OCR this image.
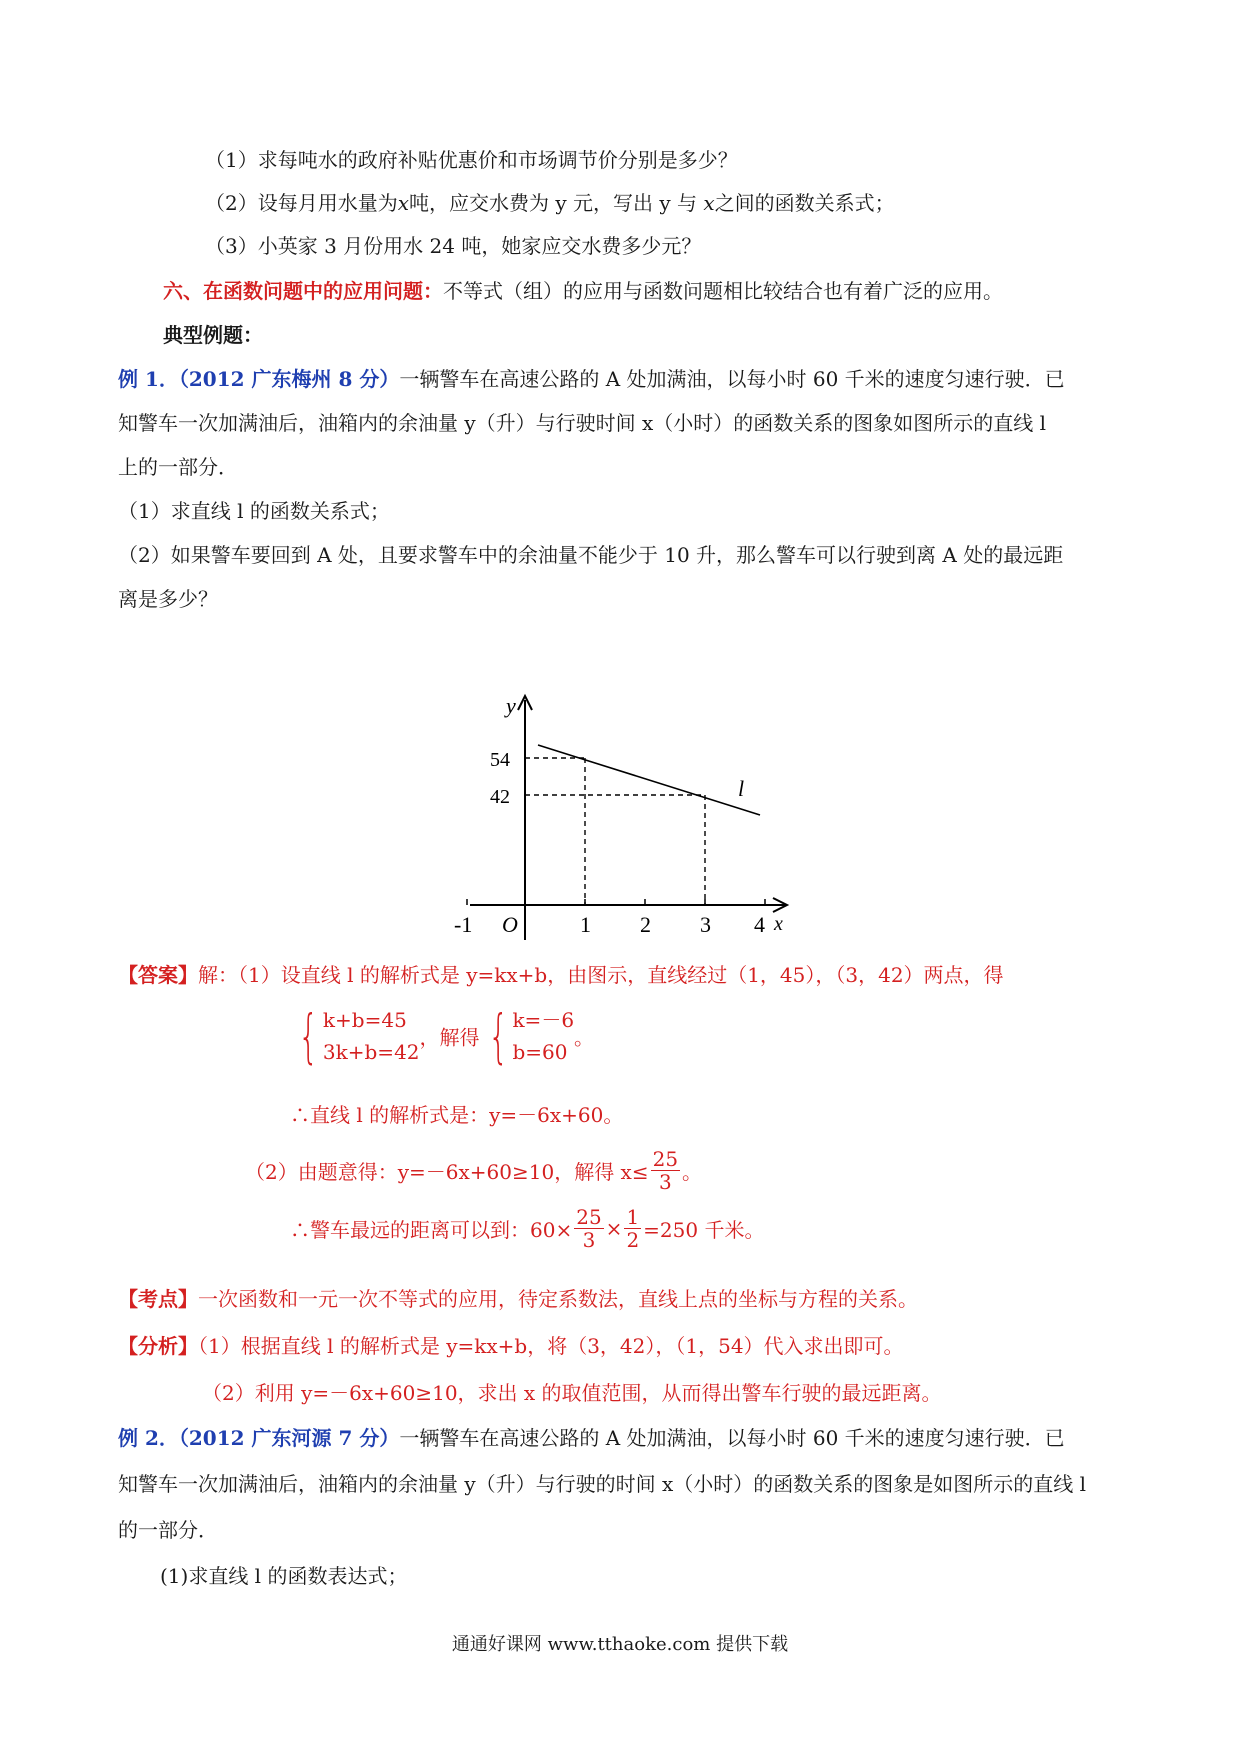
（1）求每吨水的政府补贴优惠价和市场调节价分别是多少？
（2）设每月用水量为x吨，应交水费为 y 元，写出 y 与 x之间的函数关系式；
（3）小英家 3 月份用水 24 吨，她家应交水费多少元？
六、在函数问题中的应用问题：不等式（组）的应用与函数问题相比较结合也有着广泛的应用。
典型例题：
例 1．（2012 广东梅州 8 分）一辆警车在高速公路的 A 处加满油，以每小时 60 千米的速度匀速行驶．已
知警车一次加满油后，油箱内的余油量 y（升）与行驶时间 x（小时）的函数关系的图象如图所示的直线 l
上的一部分．
（1）求直线 l 的函数关系式；
（2）如果警车要回到 A 处，且要求警车中的余油量不能少于 10 升，那么警车可以行驶到离 A 处的最远距
离是多少？
y
54
42	l
-1 O	1 2 3 4 x
【答案】解：（1）设直线 l 的解析式是 y=kx+b，由图示，直线经过（1，45），（3，42）两点，得
{ k+b=45
3k+b=42
，解得 { k=－6
b=60
。
∴直线 l 的解析式是：y=－6x+60。
（2）由题意得：y=－6x+60≥10，解得 $x\le \frac{25}{3}$ 。
∴警车最远的距离可以到：$60\times \frac{25}{3} \times \frac{1}{2} =250$ 千米。
【考点】一次函数和一元一次不等式的应用，待定系数法，直线上点的坐标与方程的关系。
【分析】（1）根据直线 l 的解析式是 y=kx+b，将（3，42），（1，54）代入求出即可。
（2）利用 y=－6x+60≥10，求出 x 的取值范围，从而得出警车行驶的最远距离。
例 2．（2012 广东河源 7 分）一辆警车在高速公路的 A 处加满油，以每小时 60 千米的速度匀速行驶．已
知警车一次加满油后，油箱内的余油量 y（升）与行驶的时间 x（小时）的函数关系的图象是如图所示的直线 l
的一部分．
(1)求直线 l 的函数表达式；
通通好课网 www.tthaoke.com 提供下载
